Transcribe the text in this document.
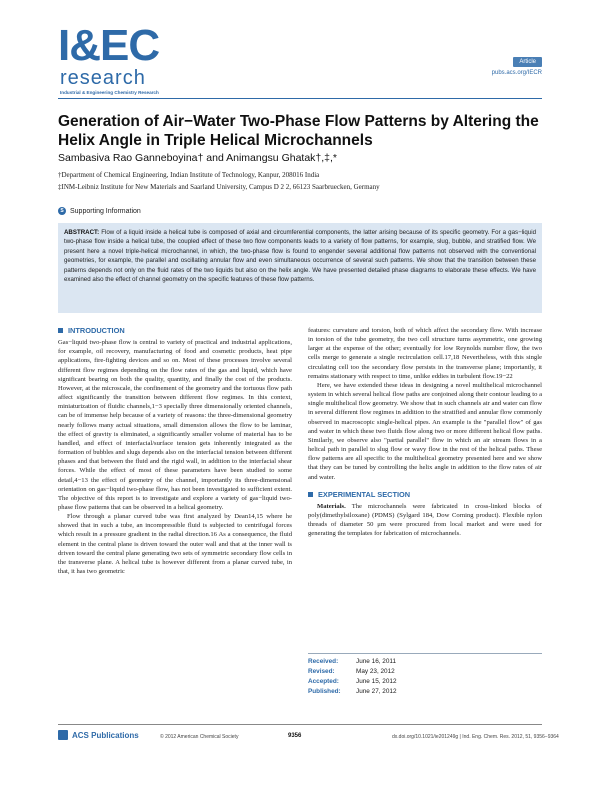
I&EC
research
Industrial & Engineering Chemistry Research
Article
pubs.acs.org/IECR
Generation of Air−Water Two-Phase Flow Patterns by Altering the Helix Angle in Triple Helical Microchannels
Sambasiva Rao Ganneboyina† and Animangsu Ghatak†,‡,*
†Department of Chemical Engineering, Indian Institute of Technology, Kanpur, 208016 India
‡INM-Leibniz Institute for New Materials and Saarland University, Campus D 2 2, 66123 Saarbruecken, Germany
S Supporting Information
ABSTRACT: Flow of a liquid inside a helical tube is composed of axial and circumferential components, the latter arising because of its specific geometry. For a gas−liquid two-phase flow inside a helical tube, the coupled effect of these two flow components leads to a variety of flow patterns, for example, slug, bubble, and stratified flow. We present here a novel triple-helical microchannel, in which, the two-phase flow is found to engender several additional flow patterns not observed with the conventional geometries, for example, the parallel and oscillating annular flow and even simultaneous occurrence of several such patterns. We show that the transition between these patterns depends not only on the fluid rates of the two liquids but also on the helix angle. We have presented detailed phase diagrams to elaborate these effects. We have examined also the effect of channel geometry on the specific features of these flow patterns.
INTRODUCTION

Gas−liquid two-phase flow is central to variety of practical and industrial applications, for example, oil recovery, manufacturing of food and cosmetic products, heat pipe applications, fire-fighting devices and so on. Most of these processes involve several different flow regimes depending on the flow rates of the gas and liquid, which have significant bearing on both the quality, quantity, and finally the cost of the products. However, at the microscale, the confinement of the geometry and the tortuous flow path affect significantly the transition between different flow regimes. In this context, miniaturization of fluidic channels,1−3 specially three dimensionally oriented channels, can be of immense help because of a variety of reasons: the three-dimensional geometry nearly follows many actual situations, small dimension allows the flow to be laminar, the effect of gravity is eliminated, a significantly smaller volume of material has to be handled, and effect of interfacial/surface tension gets inherently integrated as the formation of bubbles and slugs depends also on the interfacial tension between different phases and that between the fluid and the rigid wall, in addition to the interfacial shear forces. While the effect of most of these parameters have been studied to some detail,4−13 the effect of geometry of the channel, importantly its three-dimensional orientation on gas−liquid two-phase flow, has not been investigated to sufficient extent. The objective of this report is to investigate and explore a variety of gas−liquid two-phase flow patterns that can be observed in a helical geometry.

Flow through a planar curved tube was first analyzed by Dean14,15 where he showed that in such a tube, an incompressible fluid is subjected to centrifugal forces which result in a pressure gradient in the radial direction.16 As a consequence, the fluid element in the central plane is driven toward the outer wall and that at the inner wall is driven toward the central plane generating two sets of symmetric secondary flow cells in the transverse plane. A helical tube is however different from a planar curved tube, in that, it has two geometric

features: curvature and torsion, both of which affect the secondary flow. With increase in torsion of the tube geometry, the two cell structure turns asymmetric, one growing larger at the expense of the other; eventually for low Reynolds number flow, the two cells merge to generate a single recirculation cell.17,18 Nevertheless, with this single circulating cell too the secondary flow persists in the transverse plane; importantly, it remains stationary with respect to time, unlike eddies in turbulent flow.19−22

Here, we have extended these ideas in designing a novel multihelical microchannel system in which several helical flow paths are conjoined along their contour leading to a single multihelical flow geometry. We show that in such channels air and water can flow in several different flow regimes in addition to the stratified and annular flow commonly observed in macroscopic single-helical pipes. An example is the "parallel flow" of gas and water in which these two fluids flow along two or more different helical flow paths. Similarly, we observe also "partial parallel" flow in which an air stream flows in a helical path in parallel to slug flow or wavy flow in the rest of the helical paths. These flow patterns are all specific to the multihelical geometry presented here and we show that they can be tuned by controlling the helix angle in addition to the flow rates of air and water.

EXPERIMENTAL SECTION

Materials. The microchannels were fabricated in cross-linked blocks of poly(dimethylsiloxane) (PDMS) (Sylgard 184, Dow Corning product). Flexible nylon threads of diameter 50 μm were procured from local market and were used for generating the templates for fabrication of microchannels.

Received:	June 16, 2011
Revised:	May 23, 2012
Accepted:	June 15, 2012
Published:	June 27, 2012
ACS Publications	© 2012 American Chemical Society	9356	dx.doi.org/10.1021/ie201249g | Ind. Eng. Chem. Res. 2012, 51, 9356−9364
